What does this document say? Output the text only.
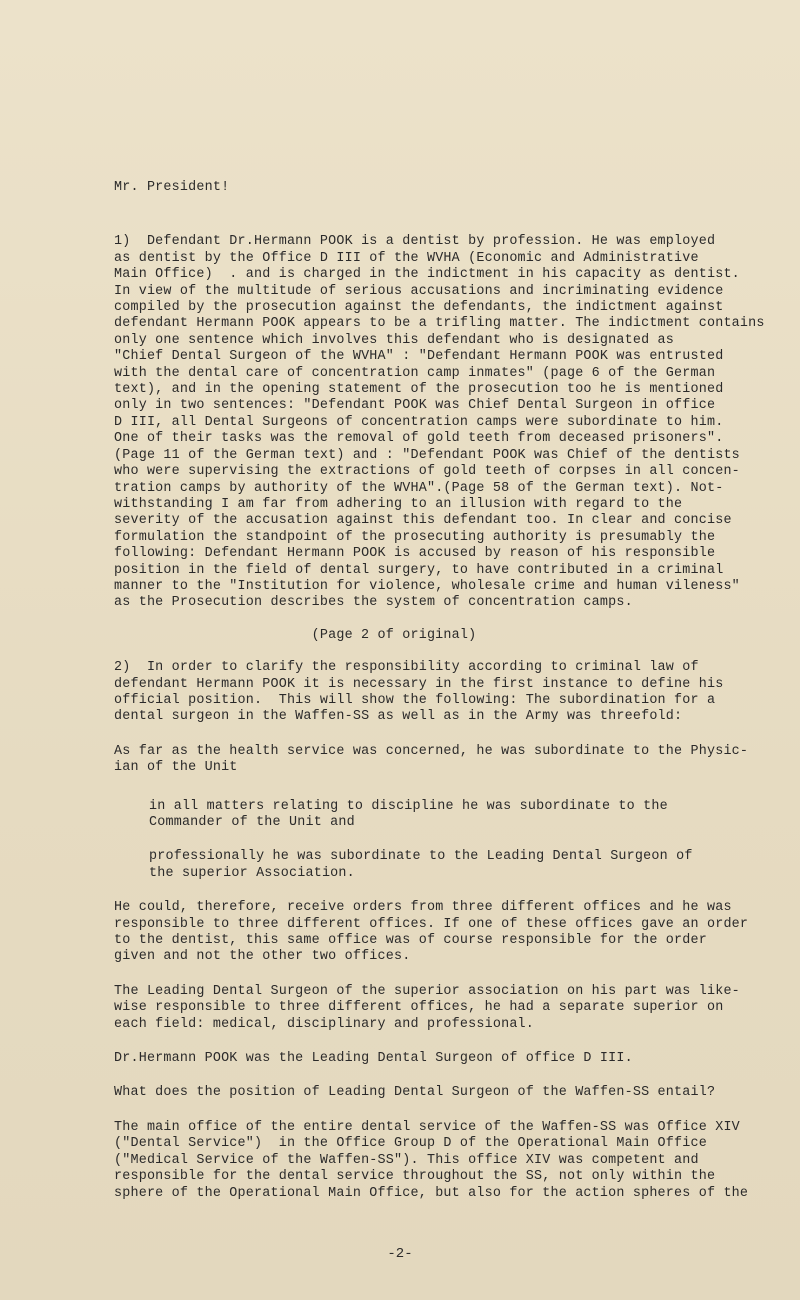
Mr. President!
1)  Defendant Dr.Hermann POOK is a dentist by profession. He was employed
as dentist by the Office D III of the WVHA (Economic and Administrative
Main Office)  . and is charged in the indictment in his capacity as dentist.
In view of the multitude of serious accusations and incriminating evidence
compiled by the prosecution against the defendants, the indictment against
defendant Hermann POOK appears to be a trifling matter. The indictment contains
only one sentence which involves this defendant who is designated as
"Chief Dental Surgeon of the WVHA" : "Defendant Hermann POOK was entrusted
with the dental care of concentration camp inmates" (page 6 of the German
text), and in the opening statement of the prosecution too he is mentioned
only in two sentences: "Defendant POOK was Chief Dental Surgeon in office
D III, all Dental Surgeons of concentration camps were subordinate to him.
One of their tasks was the removal of gold teeth from deceased prisoners".
(Page 11 of the German text) and : "Defendant POOK was Chief of the dentists
who were supervising the extractions of gold teeth of corpses in all concen-
tration camps by authority of the WVHA".(Page 58 of the German text). Not-
withstanding I am far from adhering to an illusion with regard to the
severity of the accusation against this defendant too. In clear and concise
formulation the standpoint of the prosecuting authority is presumably the
following: Defendant Hermann POOK is accused by reason of his responsible
position in the field of dental surgery, to have contributed in a criminal
manner to the "Institution for violence, wholesale crime and human vileness"
as the Prosecution describes the system of concentration camps.
(Page 2 of original)
2)  In order to clarify the responsibility according to criminal law of
defendant Hermann POOK it is necessary in the first instance to define his
official position.  This will show the following: The subordination for a
dental surgeon in the Waffen-SS as well as in the Army was threefold:
As far as the health service was concerned, he was subordinate to the Physic-
ian of the Unit
in all matters relating to discipline he was subordinate to the
Commander of the Unit and
professionally he was subordinate to the Leading Dental Surgeon of
the superior Association.
He could, therefore, receive orders from three different offices and he was
responsible to three different offices. If one of these offices gave an order
to the dentist, this same office was of course responsible for the order
given and not the other two offices.
The Leading Dental Surgeon of the superior association on his part was like-
wise responsible to three different offices, he had a separate superior on
each field: medical, disciplinary and professional.
Dr.Hermann POOK was the Leading Dental Surgeon of office D III.
What does the position of Leading Dental Surgeon of the Waffen-SS entail?
The main office of the entire dental service of the Waffen-SS was Office XIV
("Dental Service")  in the Office Group D of the Operational Main Office
("Medical Service of the Waffen-SS"). This office XIV was competent and
responsible for the dental service throughout the SS, not only within the
sphere of the Operational Main Office, but also for the action spheres of the
-2-
